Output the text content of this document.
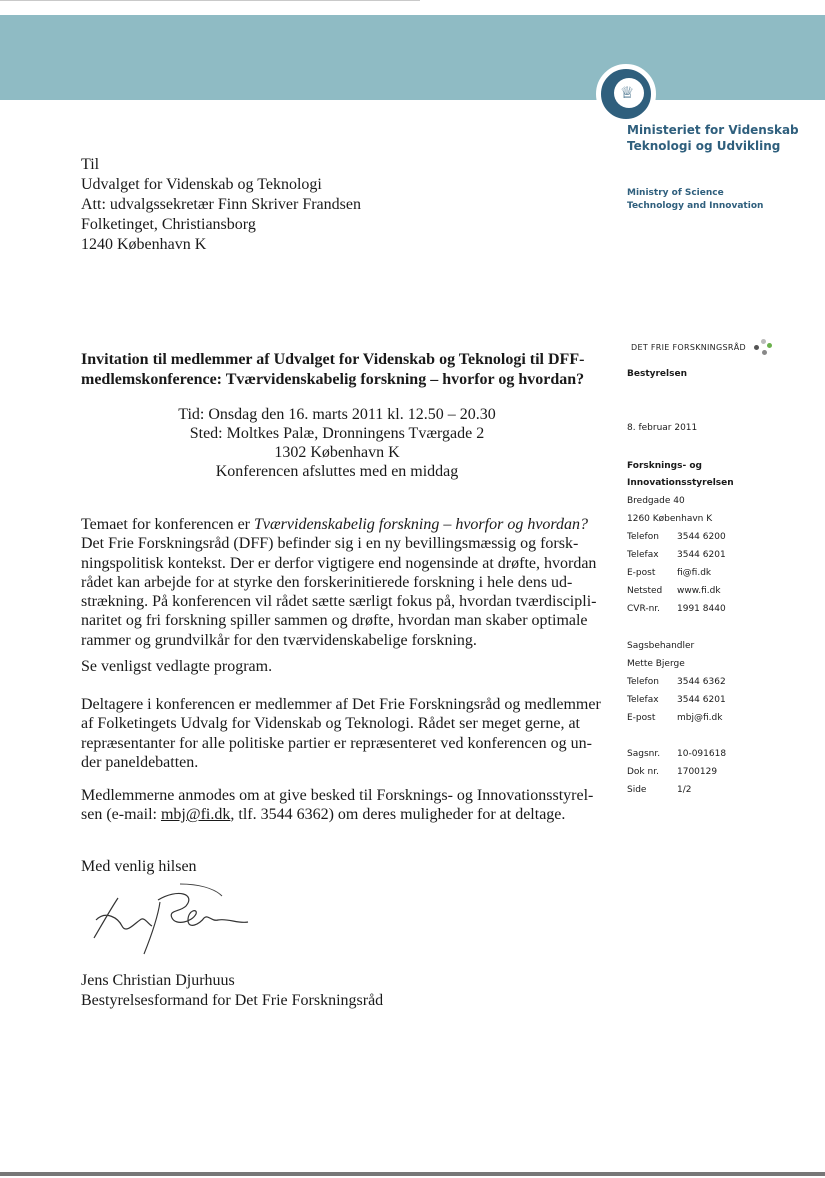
♕
Ministeriet for Videnskab
Teknologi og Udvikling
Ministry of Science
Technology and Innovation
Til
Udvalget for Videnskab og Teknologi
Att: udvalgssekretær Finn Skriver Frandsen
Folketinget, Christiansborg
1240 København K
DET FRIE FORSKNINGSRÅD
Bestyrelsen
8. februar 2011
Forsknings- og
Innovationsstyrelsen
Bredgade 40
1260 København K
Telefon	3544 6200
Telefax	3544 6201
E-post	fi@fi.dk
Netsted	www.fi.dk
CVR-nr.	1991 8440
Sagsbehandler
Mette Bjerge
Telefon	3544 6362
Telefax	3544 6201
E-post	mbj@fi.dk
Sagsnr.	10-091618
Dok nr.	1700129
Side	1/2
Invitation til medlemmer af Udvalget for Videnskab og Teknologi til DFF-
medlemskonference: Tværvidenskabelig forskning – hvorfor og hvordan?
Tid: Onsdag den 16. marts 2011 kl. 12.50 – 20.30
Sted: Moltkes Palæ, Dronningens Tværgade 2
1302 København K
Konferencen afsluttes med en middag
Temaet for konferencen er Tværvidenskabelig forskning – hvorfor og hvordan?
Det Frie Forskningsråd (DFF) befinder sig i en ny bevillingsmæssig og forsk-
ningspolitisk kontekst. Der er derfor vigtigere end nogensinde at drøfte, hvordan
rådet kan arbejde for at styrke den forskerinitierede forskning i hele dens ud-
strækning. På konferencen vil rådet sætte særligt fokus på, hvordan tværdiscipli-
naritet og fri forskning spiller sammen og drøfte, hvordan man skaber optimale
rammer og grundvilkår for den tværvidenskabelige forskning.
Se venligst vedlagte program.
Deltagere i konferencen er medlemmer af Det Frie Forskningsråd og medlemmer
af Folketingets Udvalg for Videnskab og Teknologi. Rådet ser meget gerne, at
repræsentanter for alle politiske partier er repræsenteret ved konferencen og un-
der paneldebatten.
Medlemmerne anmodes om at give besked til Forsknings- og Innovationsstyrel-
sen (e-mail: mbj@fi.dk, tlf. 3544 6362) om deres muligheder for at deltage.
Med venlig hilsen
Jens Christian Djurhuus
Bestyrelsesformand for Det Frie Forskningsråd
